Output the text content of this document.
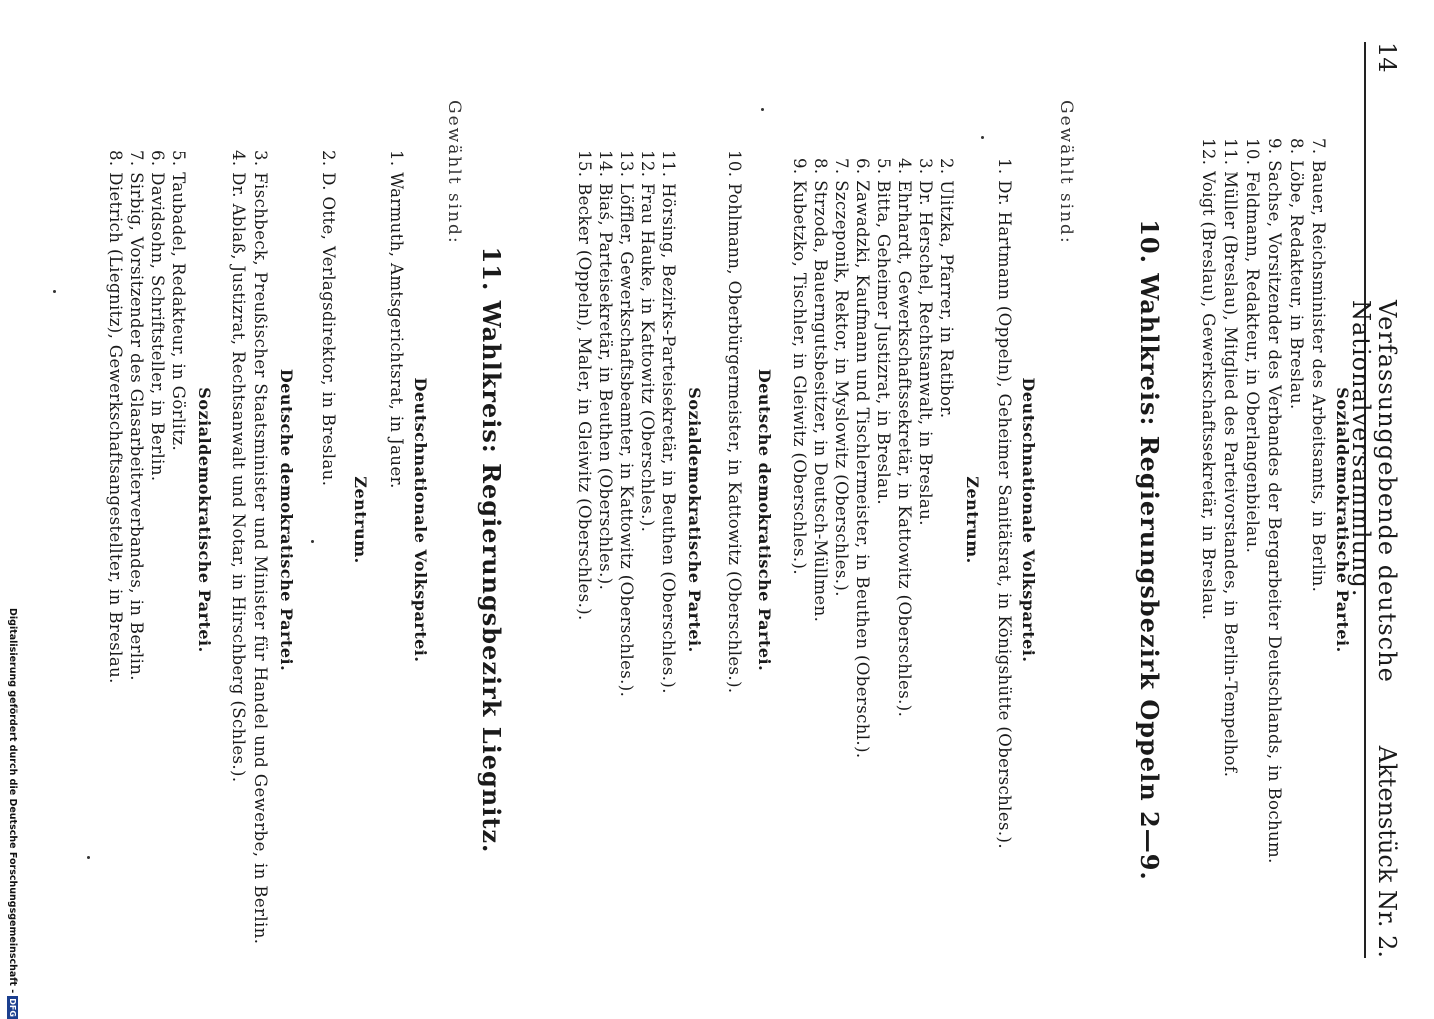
14
Verfassunggebende deutsche Nationalversammlung.
Aktenstück Nr. 2.
Sozialdemokratische Partei.
7. Bauer, Reichsminister des Arbeitsamts, in Berlin.
8. Löbe, Redakteur, in Breslau.
9. Sachse, Vorsitzender des Verbandes der Bergarbeiter Deutschlands, in Bochum.
10. Feldmann, Redakteur, in Oberlangenbielau.
11. Müller (Breslau), Mitglied des Parteivorstandes, in Berlin-Tempelhof.
12. Voigt (Breslau), Gewerkschaftssekretär, in Breslau.
10. Wahlkreis: Regierungsbezirk Oppeln 2—9.
Gewählt sind:
Deutschnationale Volkspartei.
1. Dr. Hartmann (Oppeln), Geheimer Sanitätsrat, in Königshütte (Oberschles.).
Zentrum.
2. Ulitzka, Pfarrer, in Ratibor.
3. Dr. Herschel, Rechtsanwalt, in Breslau.
4. Ehrhardt, Gewerkschaftssekretär, in Kattowitz (Oberschles.).
5. Bitta, Geheimer Justizrat, in Breslau.
6. Zawadzki, Kaufmann und Tischlermeister, in Beuthen (Oberschl.).
7. Szczeponik, Rektor, in Myslowitz (Oberschles.).
8. Strzoda, Bauerngutsbesitzer, in Deutsch-Müllmen.
9. Kubetzko, Tischler, in Gleiwitz (Oberschles.).
Deutsche demokratische Partei.
10. Pohlmann, Oberbürgermeister, in Kattowitz (Oberschles.).
Sozialdemokratische Partei.
11. Hörsing, Bezirks-Parteisekretär, in Beuthen (Oberschles.).
12. Frau Hauke, in Kattowitz (Oberschles.).
13. Löffler, Gewerkschaftsbeamter, in Kattowitz (Oberschles.).
14. Biaś, Parteisekretär, in Beuthen (Oberschles.).
15. Becker (Oppeln), Maler, in Gleiwitz (Oberschles.).
11. Wahlkreis: Regierungsbezirk Liegnitz.
Gewählt sind:
Deutschnationale Volkspartei.
1. Warmuth, Amtsgerichtsrat, in Jauer.
Zentrum.
2. D. Otte, Verlagsdirektor, in Breslau.
Deutsche demokratische Partei.
3. Fischbeck, Preußischer Staatsminister und Minister für Handel und Gewerbe, in Berlin.
4. Dr. Ablaß, Justizrat, Rechtsanwalt und Notar, in Hirschberg (Schles.).
Sozialdemokratische Partei.
5. Taubadel, Redakteur, in Görlitz.
6. Davidsohn, Schriftsteller, in Berlin.
7. Sirbig, Vorsitzender des Glasarbeiterverbandes, in Berlin.
8. Dietrich (Liegnitz), Gewerkschaftsangestellter, in Breslau.
Digitalisierung gefördert durch die Deutsche Forschungsgemeinschaft -DFG
